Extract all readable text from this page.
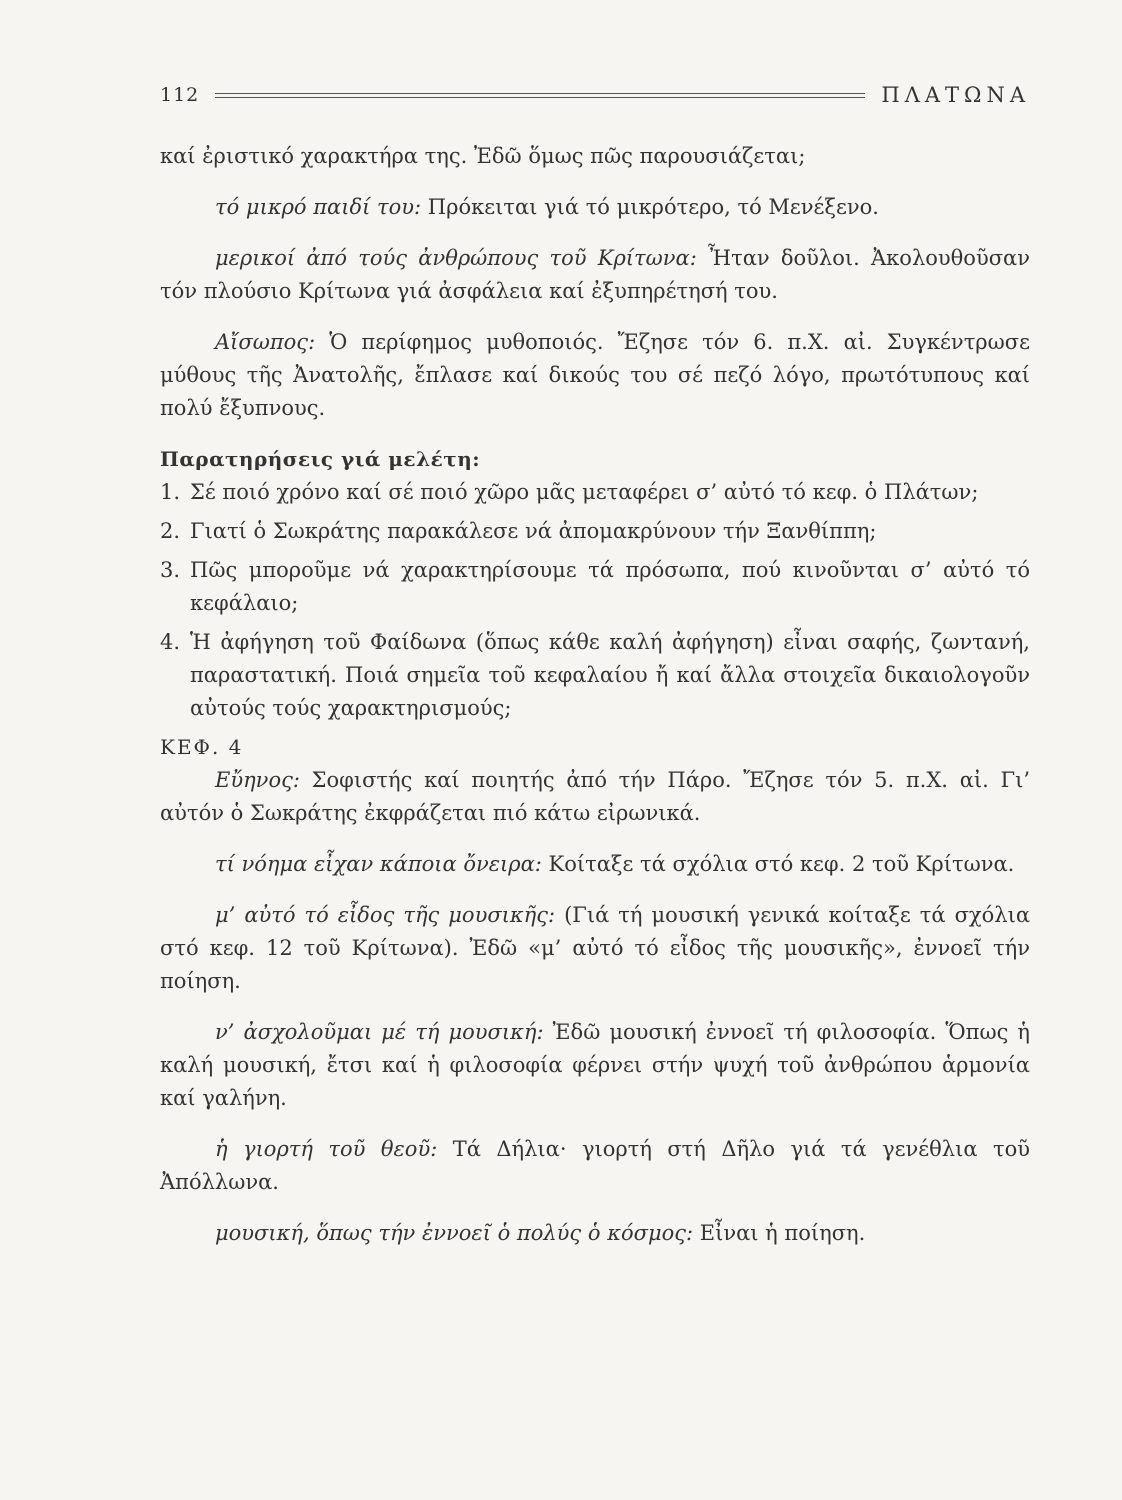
112	ΠΛΑΤΩΝΑ

καί ἐριστικό χαρακτήρα της. Ἐδῶ ὅμως πῶς παρουσιάζεται;

τό μικρό παιδί του: Πρόκειται γιά τό μικρότερο, τό Μενέξενο.

μερικοί ἀπό τούς ἀνθρώπους τοῦ Κρίτωνα: Ἦταν δοῦλοι. Ἀκολουθοῦσαν τόν πλούσιο Κρίτωνα γιά ἀσφάλεια καί ἐξυπηρέτησή του.

Αἴσωπος: Ὁ περίφημος μυθοποιός. Ἔζησε τόν 6. π.Χ. αἰ. Συγκέντρωσε μύθους τῆς Ἀνατολῆς, ἔπλασε καί δικούς του σέ πεζό λόγο, πρωτότυπους καί πολύ ἔξυπνους.

Παρατηρήσεις γιά μελέτη:

1. Σέ ποιό χρόνο καί σέ ποιό χῶρο μᾶς μεταφέρει σ’ αὐτό τό κεφ. ὁ Πλάτων;
2. Γιατί ὁ Σωκράτης παρακάλεσε νά ἀπομακρύνουν τήν Ξανθίππη;
3. Πῶς μποροῦμε νά χαρακτηρίσουμε τά πρόσωπα, πού κινοῦνται σ’ αὐτό τό κεφάλαιο;
4. Ἡ ἀφήγηση τοῦ Φαίδωνα (ὅπως κάθε καλή ἀφήγηση) εἶναι σαφής, ζωντανή, παραστατική. Ποιά σημεῖα τοῦ κεφαλαίου ἤ καί ἄλλα στοιχεῖα δικαιολογοῦν αὐτούς τούς χαρακτηρισμούς;

ΚΕΦ. 4

Εὔηνος: Σοφιστής καί ποιητής ἀπό τήν Πάρο. Ἔζησε τόν 5. π.Χ. αἰ. Γι’ αὐτόν ὁ Σωκράτης ἐκφράζεται πιό κάτω εἰρωνικά.

τί νόημα εἶχαν κάποια ὄνειρα: Κοίταξε τά σχόλια στό κεφ. 2 τοῦ Κρίτωνα.

μ’ αὐτό τό εἶδος τῆς μουσικῆς: (Γιά τή μουσική γενικά κοίταξε τά σχόλια στό κεφ. 12 τοῦ Κρίτωνα). Ἐδῶ «μ’ αὐτό τό εἶδος τῆς μουσικῆς», ἐννοεῖ τήν ποίηση.

ν’ ἀσχολοῦμαι μέ τή μουσική: Ἐδῶ μουσική ἐννοεῖ τή φιλοσοφία. Ὅπως ἡ καλή μουσική, ἔτσι καί ἡ φιλοσοφία φέρνει στήν ψυχή τοῦ ἀνθρώπου ἁρμονία καί γαλήνη.

ἡ γιορτή τοῦ θεοῦ: Τά Δήλια· γιορτή στή Δῆλο γιά τά γενέθλια τοῦ Ἀπόλλωνα.

μουσική, ὅπως τήν ἐννοεῖ ὁ πολύς ὁ κόσμος: Εἶναι ἡ ποίηση.
